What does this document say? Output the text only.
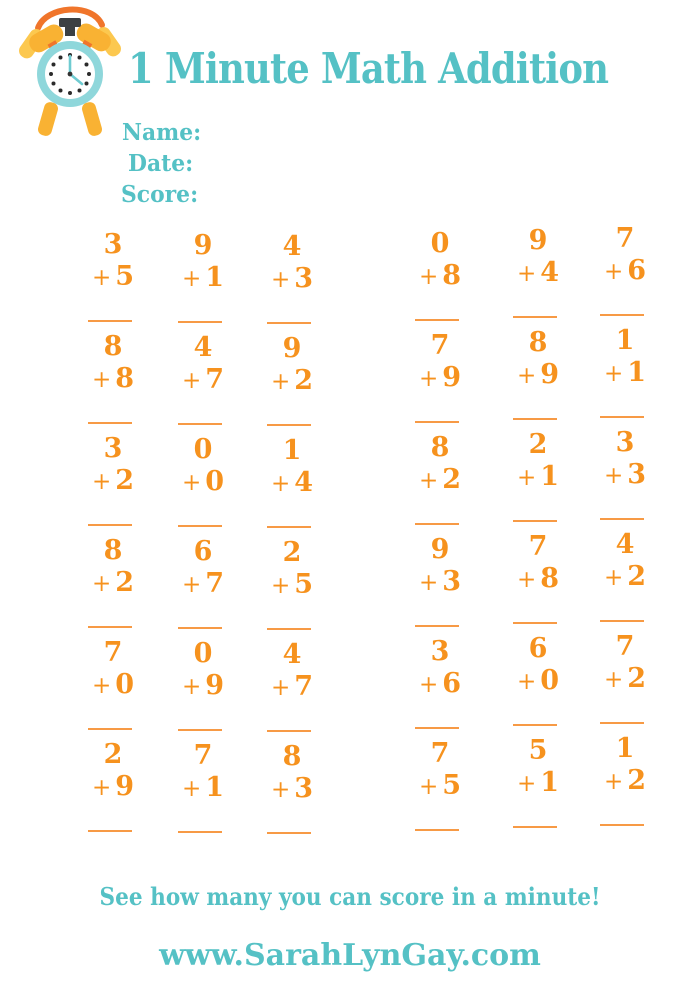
1 Minute Math Addition
Name:
Date:
Score:
3
+ 5
9
+ 1
4
+ 3
0
+ 8
9
+ 4
7
+ 6
8
+ 8
4
+ 7
9
+ 2
7
+ 9
8
+ 9
1
+ 1
3
+ 2
0
+ 0
1
+ 4
8
+ 2
2
+ 1
3
+ 3
8
+ 2
6
+ 7
2
+ 5
9
+ 3
7
+ 8
4
+ 2
7
+ 0
0
+ 9
4
+ 7
3
+ 6
6
+ 0
7
+ 2
2
+ 9
7
+ 1
8
+ 3
7
+ 5
5
+ 1
1
+ 2
See how many you can score in a minute!
www.SarahLynGay.com
